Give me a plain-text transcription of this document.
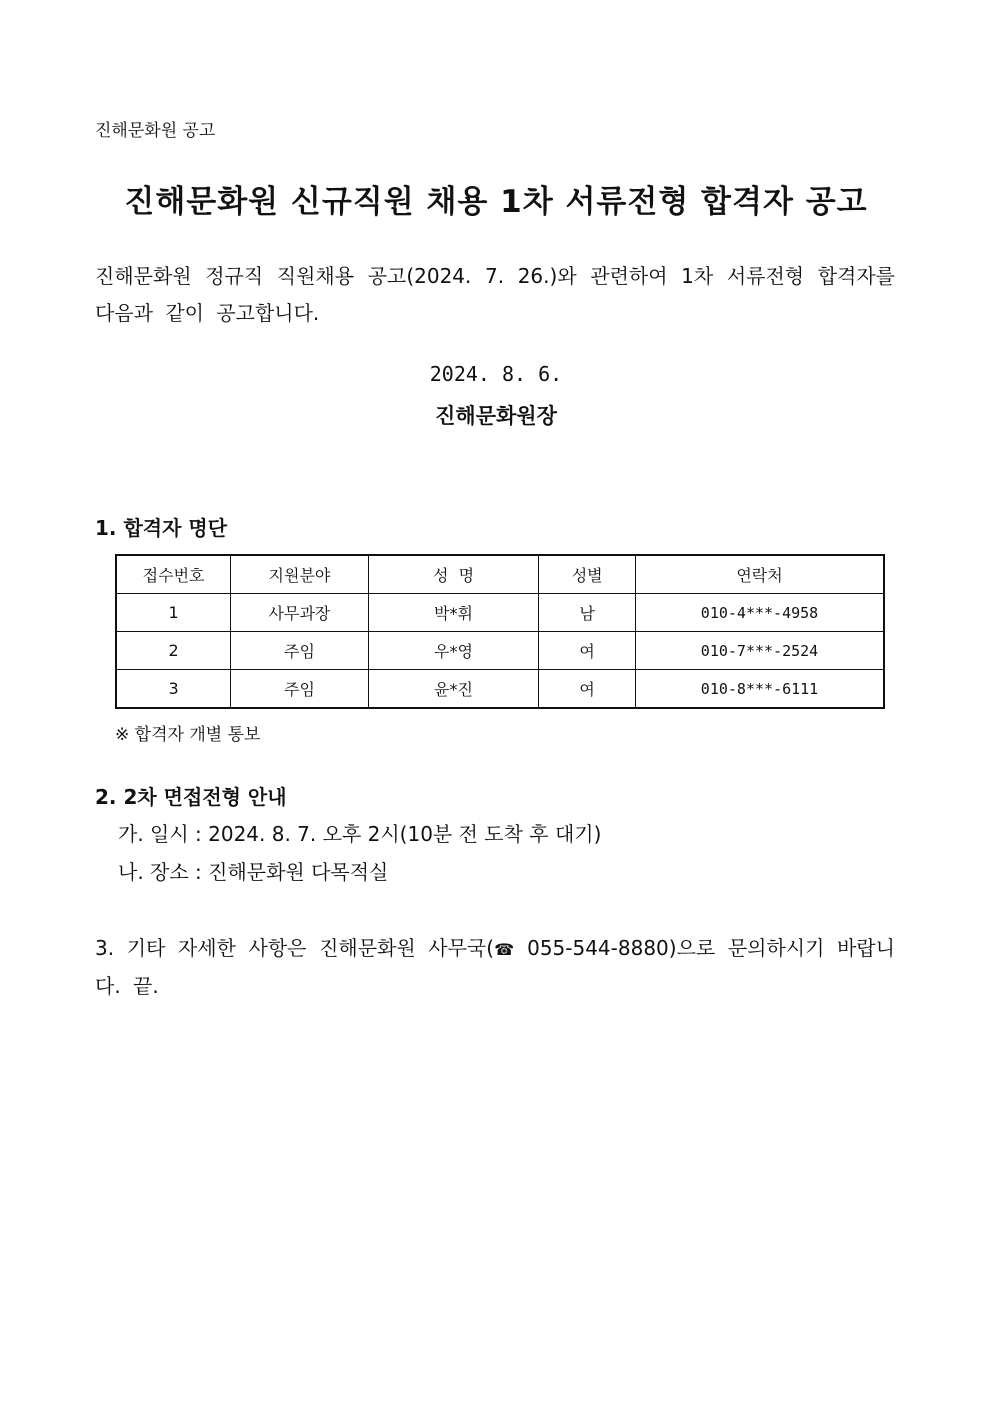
진해문화원 공고
진해문화원 신규직원 채용 1차 서류전형 합격자 공고
진해문화원 정규직 직원채용 공고(2024. 7. 26.)와 관련하여 1차 서류전형 합격자를 다음과 같이 공고합니다.
2024. 8. 6.
진해문화원장
1. 합격자 명단
접수번호	지원분야	성  명	성별	연락처
1	사무과장	박*휘	남	010-4***-4958
2	주임	우*영	여	010-7***-2524
3	주임	윤*진	여	010-8***-6111
※ 합격자 개별 통보
2. 2차 면접전형 안내
가. 일시 : 2024. 8. 7. 오후 2시(10분 전 도착 후 대기)
나. 장소 : 진해문화원 다목적실
3. 기타 자세한 사항은 진해문화원 사무국(☎ 055-544-8880)으로 문의하시기 바랍니다. 끝.
